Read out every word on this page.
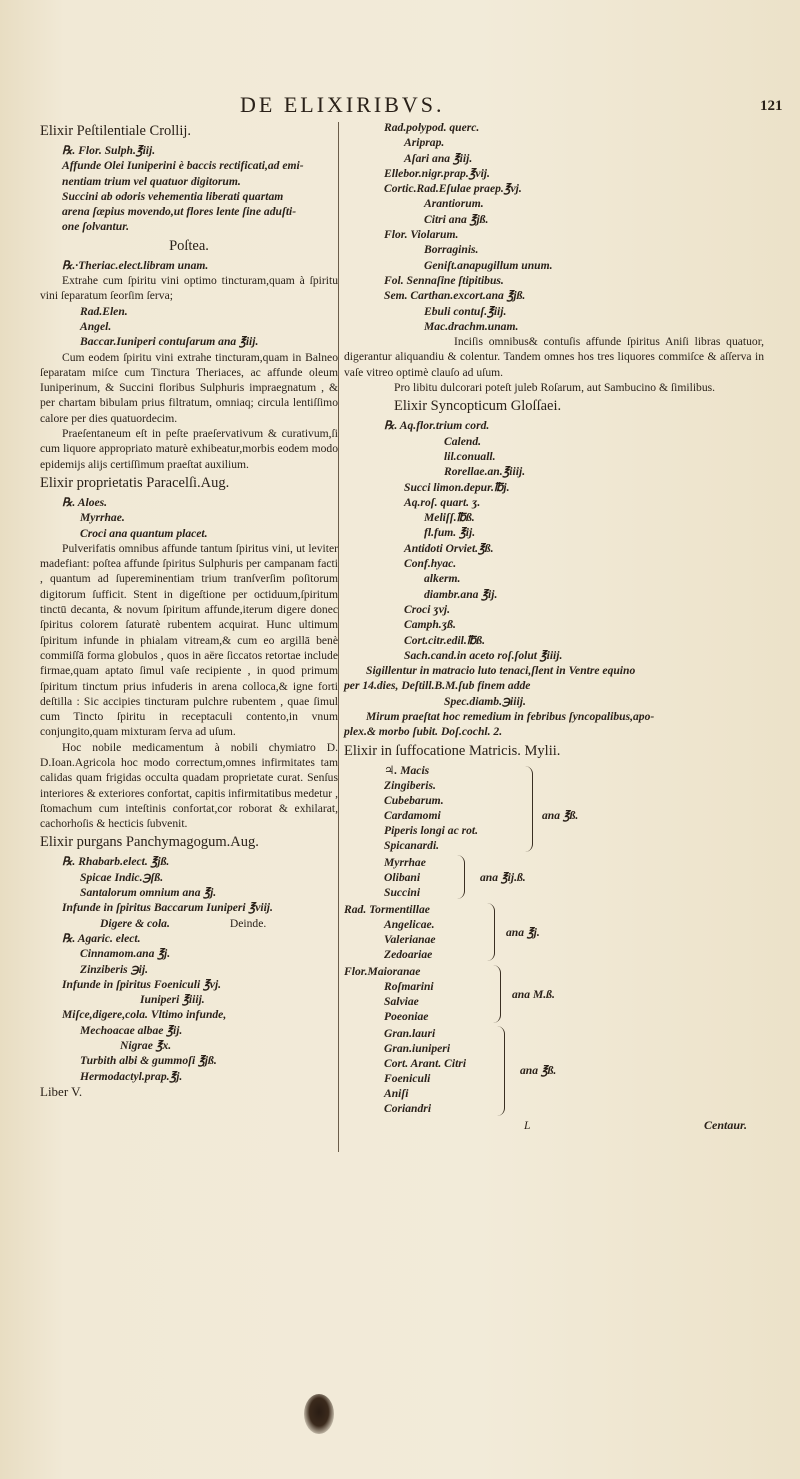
DE ELIXIRIBVS.	121
Elixir Peſtilentiale Crollij.
℞. Flor. Sulph.℥iij.
Affunde Olei Iuniperini è baccis rectificati,ad emi-
nentiam trium vel quatuor digitorum.
Succini ab odoris vehementia liberati quartam
arena ſæpius movendo,ut flores lente ſine aduſti-
one ſolvantur.
Poſtea.
℞.·Theriac.elect.libram unam.
Extrahe cum ſpiritu vini optimo tincturam,quam à ſpiritu vini ſeparatum ſeorſim ſerva;
Rad.Elen.
Angel.
Baccar.Iuniperi contuſarum ana ℥iij.
Cum eodem ſpiritu vini extrahe tincturam,quam in Balneo ſeparatam miſce cum Tinctura Theriaces, ac affunde oleum Iuniperinum, & Succini floribus Sulphuris impraegnatum , & per chartam bibulam prius filtratum, omniaq; circula lentiſſimo calore per dies quatuordecim.
Praeſentaneum eſt in peſte praeſervativum & curativum,ſi cum liquore appropriato maturè exhibeatur,morbis eodem modo epidemijs alijs certiſſimum praeſtat auxilium.
Elixir proprietatis Paracelſi.Aug.
℞. Aloes.
Myrrhae.
Croci ana quantum placet.
Pulverifatis omnibus affunde tantum ſpiritus vini, ut leviter madefiant: poſtea affunde ſpiritus Sulphuris per campanam facti , quantum ad ſupereminentiam trium tranſverſim poſitorum digitorum ſufficit. Stent in digeſtione per octiduum,ſpiritum tinctū decanta, & novum ſpiritum affunde,iterum digere donec ſpiritus colorem ſaturatè rubentem acquirat. Hunc ultimum ſpiritum infunde in phialam vitream,& cum eo argillā benè commiſſā forma globulos , quos in aëre ſiccatos retortae include firmae,quam aptato ſimul vaſe recipiente , in quod primum ſpiritum tinctum prius infuderis in arena colloca,& igne forti deſtilla : Sic accipies tincturam pulchre rubentem , quae ſimul cum Tincto ſpiritu in receptaculi contento,in vnum conjungito,quam mixturam ſerva ad uſum.
Hoc nobile medicamentum à nobili chymiatro D. D.Ioan.Agricola hoc modo correctum,omnes infirmitates tam calidas quam frigidas occulta quadam proprietate curat. Senſus interiores & exteriores confortat, capitis infirmitatibus medetur , ſtomachum cum inteſtinis confortat,cor roborat & exhilarat, cachorhoſis & hecticis ſubvenit.
Elixir purgans Panchymagogum.Aug.
℞. Rhabarb.elect. ℥jß.
Spicae Indic.℈ſß.
Santalorum omnium ana ℥j.
Infunde in ſpiritus Baccarum Iuniperi ℥viij.
Digere & cola.	Deinde.
℞. Agaric. elect.
Cinnamom.ana ℥j.
Zinziberis ℈ij.
Infunde in ſpiritus Foeniculi ℥vj.
Iuniperi ℥iiij.
Miſce,digere,cola. Vltimo infunde,
Mechoacae albae ℥ij.
Nigrae ℥x.
Turbith albi & gummoſi ℥jß.
Hermodactyl.prap.℥j.
Liber V.
Rad.polypod. querc.
Ariprap.
Aſari ana ℥iij.
Ellebor.nigr.prap.℥vij.
Cortic.Rad.Eſulae praep.℥vj.
Arantiorum.
Citri ana ℥jß.
Flor. Violarum.
Borraginis.
Geniſt.anapugillum unum.
Fol. Sennaſine ſtipitibus.
Sem. Carthan.excort.ana ℥jß.
Ebuli contuſ.℥iij.
Mac.drachm.unam.
Inciſis omnibus& contuſis affunde ſpiritus Aniſi libras quatuor, digerantur aliquandiu & colentur. Tandem omnes hos tres liquores commiſce & aſſerva in vaſe vitreo optimè clauſo ad uſum.
Pro libitu dulcorari poteſt juleb Roſarum, aut Sambucino & ſimilibus.
Elixir Syncopticum Gloſſaei.
℞. Aq.flor.trium cord.
Calend.
lil.conuall.
Rorellae.an.℥iiij.
Succi limon.depur.℔j.
Aq.roſ. quart. ʒ.
Meliſſ.℔ß.
fl.fum. ℥ij.
Antidoti Orviet.℥ß.
Conf.hyac.
alkerm.
diambr.ana ℥ij.
Croci ʒvj.
Camph.ʒß.
Cort.citr.edil.℔ß.
Sach.cand.in aceto roſ.ſolut ℥iiij.
Sigillentur in matracio luto tenaci,ſlent in Ventre equino
per 14.dies, Deſtill.B.M.ſub finem adde
Spec.diamb.℈iiij.
Mirum praeſtat hoc remedium in febribus ſyncopalibus,apo-
plex.& morbo ſubit. Doſ.cochl. 2.
Elixir in ſuffocatione Matricis. Mylii.
♃. Macis
Zingiberis.
Cubebarum.
Cardamomi
Piperis longi ac rot.
Spicanardi.
ana ℥ß.
Myrrhae
Olibani
Succini
ana ℥ij.ß.
Rad. Tormentillae
Angelicae.
Valerianae
Zedoariae
ana ℥j.
Flor.Maioranae
Roſmarini
Salviae
Poeoniae
ana M.ß.
Gran.lauri
Gran.iuniperi
Cort. Arant. Citri
Foeniculi
Aniſi
Coriandri
ana ℥ß.
L	Centaur.
